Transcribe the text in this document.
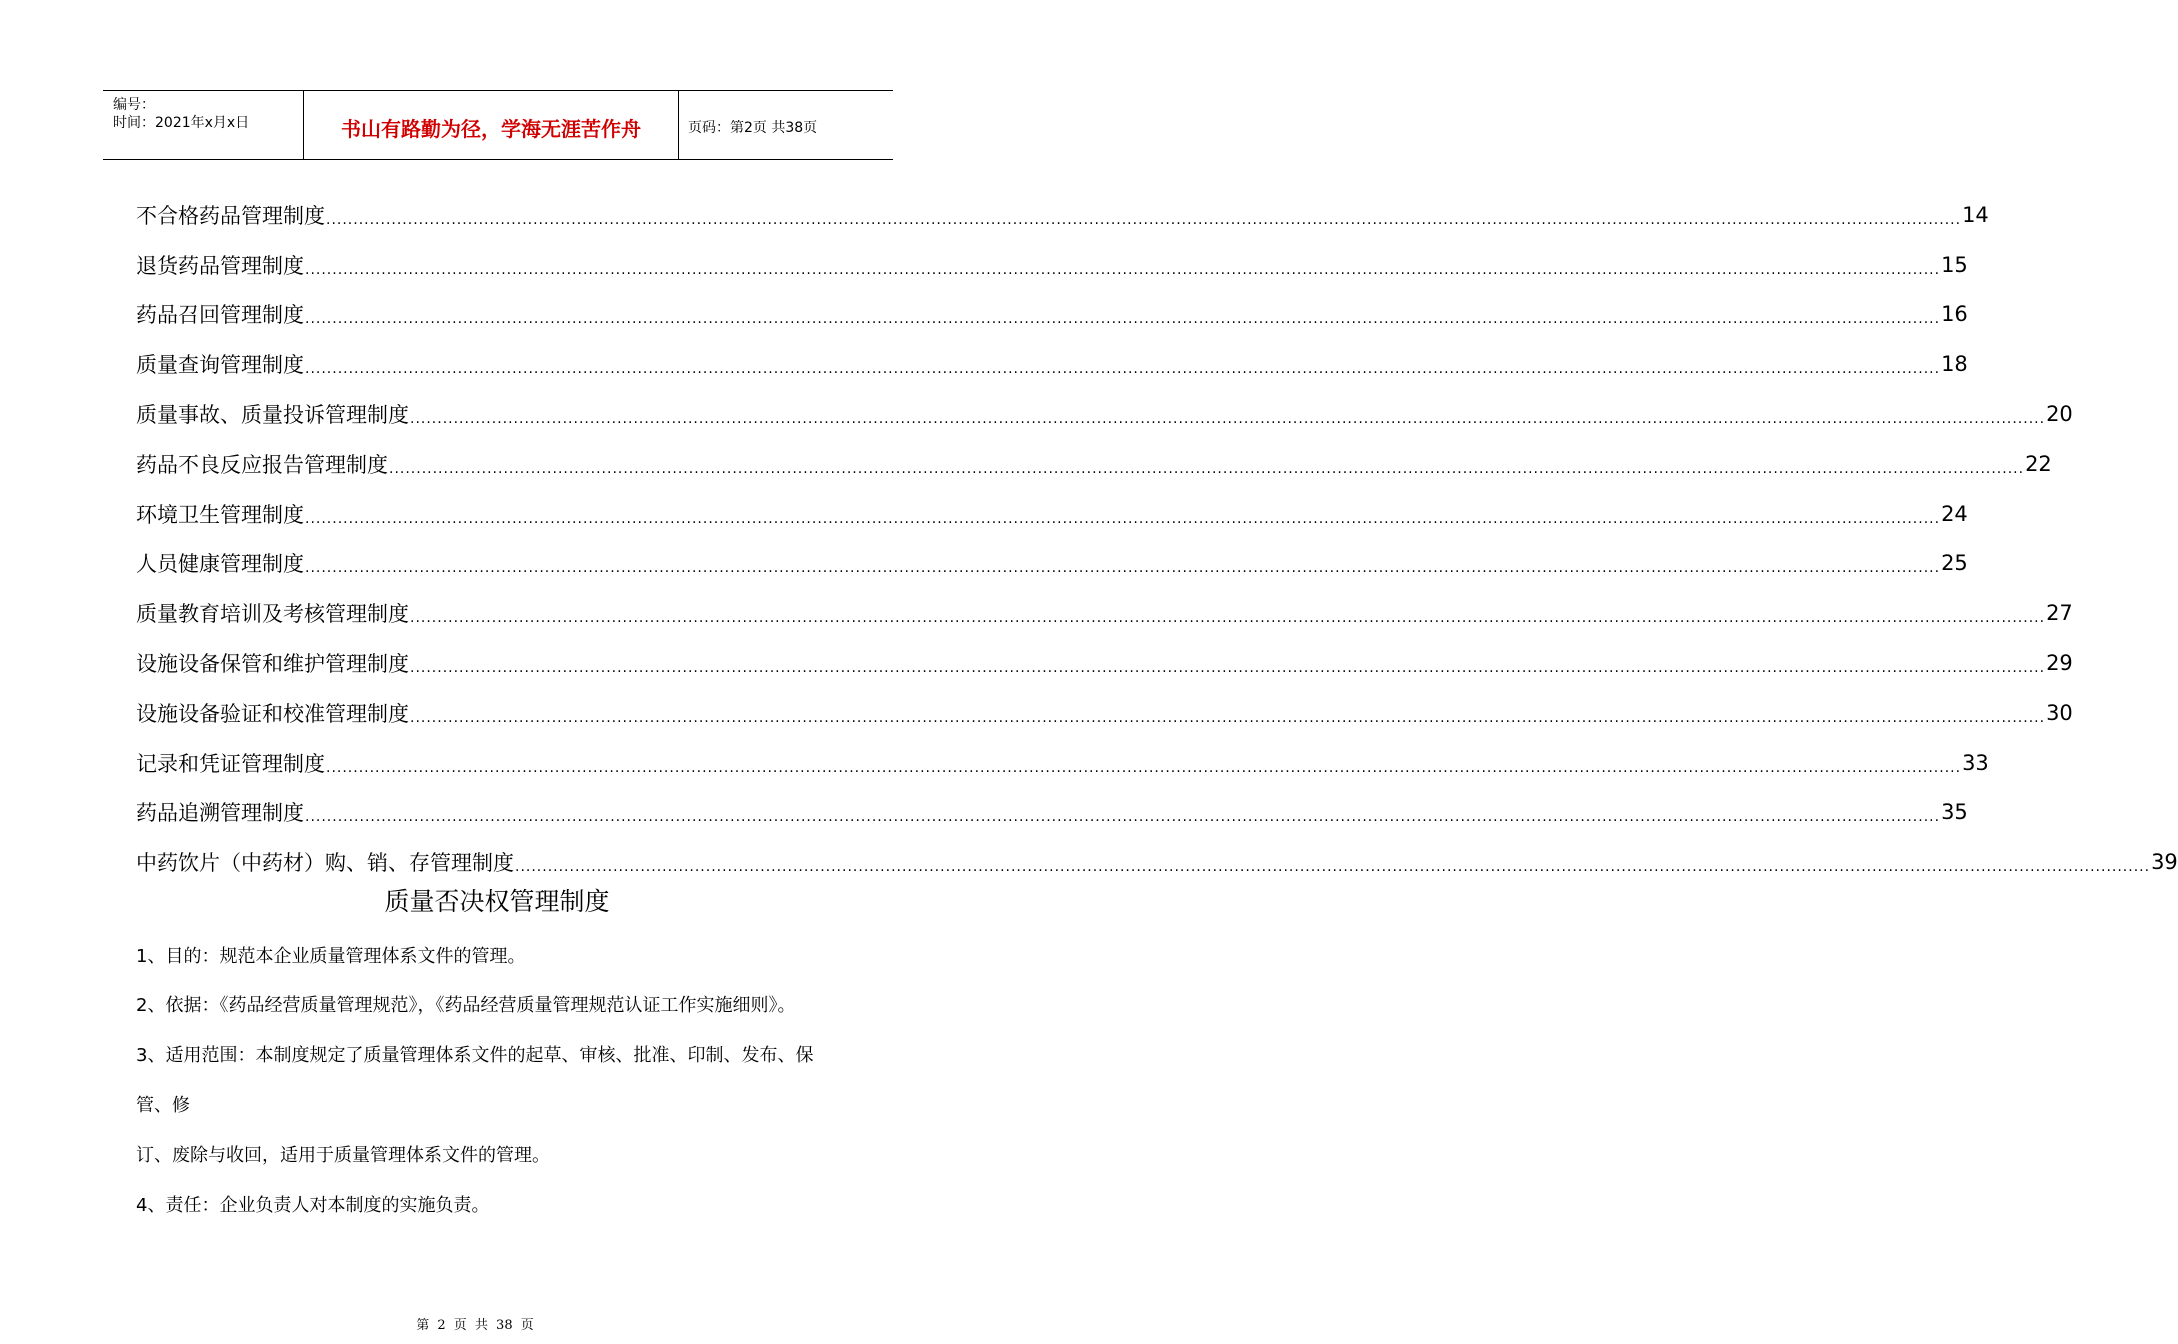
编号：
时间：2021年x月x日	书山有路勤为径，学海无涯苦作舟	页码：第2页 共38页
不合格药品管理制度 ............................................................................................................................................................................................................................................................................................................ 14
退货药品管理制度 ............................................................................................................................................................................................................................................................................................................ 15
药品召回管理制度 ............................................................................................................................................................................................................................................................................................................ 16
质量查询管理制度 ............................................................................................................................................................................................................................................................................................................ 18
质量事故、质量投诉管理制度 ............................................................................................................................................................................................................................................................................................................ 20
药品不良反应报告管理制度 ............................................................................................................................................................................................................................................................................................................ 22
环境卫生管理制度 ............................................................................................................................................................................................................................................................................................................ 24
人员健康管理制度 ............................................................................................................................................................................................................................................................................................................ 25
质量教育培训及考核管理制度 ............................................................................................................................................................................................................................................................................................................ 27
设施设备保管和维护管理制度 ............................................................................................................................................................................................................................................................................................................ 29
设施设备验证和校准管理制度 ............................................................................................................................................................................................................................................................................................................ 30
记录和凭证管理制度 ............................................................................................................................................................................................................................................................................................................ 33
药品追溯管理制度 ............................................................................................................................................................................................................................................................................................................ 35
中药饮片（中药材）购、销、存管理制度 ............................................................................................................................................................................................................................................................................................................ 39
质量否决权管理制度
1、目的：规范本企业质量管理体系文件的管理。
2、依据：《药品经营质量管理规范》，《药品经营质量管理规范认证工作实施细则》。
3、适用范围：本制度规定了质量管理体系文件的起草、审核、批准、印制、发布、保
管、修
订、废除与收回，适用于质量管理体系文件的管理。
4、责任：企业负责人对本制度的实施负责。
第 2 页 共 38 页
